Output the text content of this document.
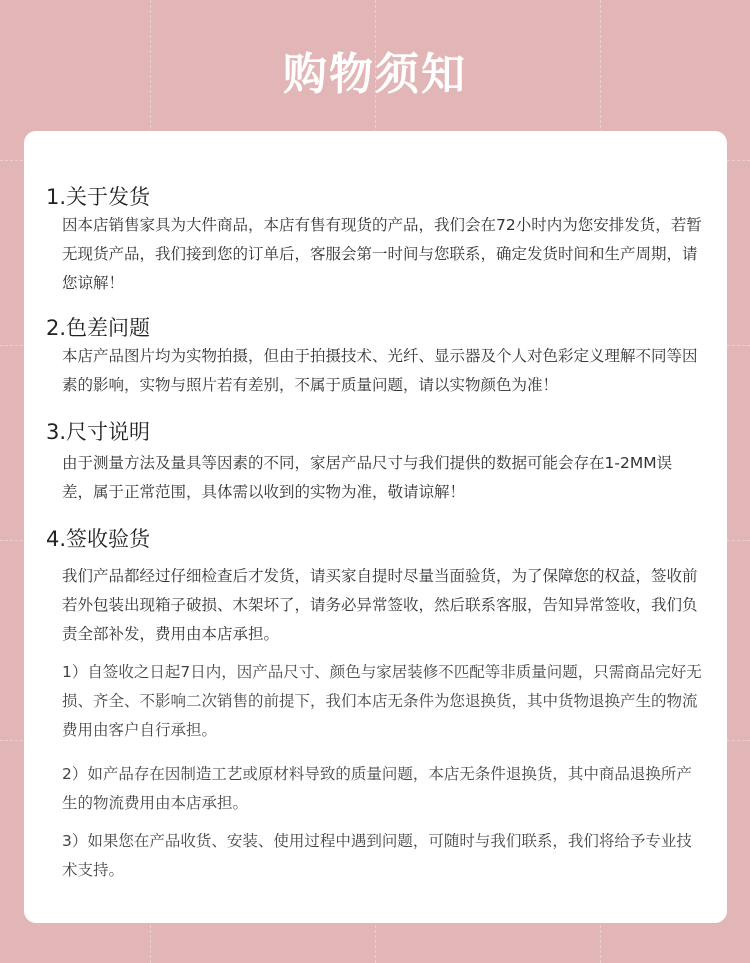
购物须知
1.关于发货
因本店销售家具为大件商品，本店有售有现货的产品，我们会在72小时内为您安排发货，若暂无现货产品，我们接到您的订单后，客服会第一时间与您联系，确定发货时间和生产周期，请您谅解！
2.色差问题
本店产品图片均为实物拍摄，但由于拍摄技术、光纤、显示器及个人对色彩定义理解不同等因素的影响，实物与照片若有差别，不属于质量问题，请以实物颜色为准！
3.尺寸说明
由于测量方法及量具等因素的不同，家居产品尺寸与我们提供的数据可能会存在1-2MM误差，属于正常范围，具体需以收到的实物为准，敬请谅解！
4.签收验货
我们产品都经过仔细检查后才发货，请买家自提时尽量当面验货，为了保障您的权益，签收前若外包装出现箱子破损、木架坏了，请务必异常签收，然后联系客服，告知异常签收，我们负责全部补发，费用由本店承担。
1）自签收之日起7日内，因产品尺寸、颜色与家居装修不匹配等非质量问题，只需商品完好无损、齐全、不影响二次销售的前提下，我们本店无条件为您退换货，其中货物退换产生的物流费用由客户自行承担。
2）如产品存在因制造工艺或原材料导致的质量问题，本店无条件退换货，其中商品退换所产生的物流费用由本店承担。
3）如果您在产品收货、安装、使用过程中遇到问题，可随时与我们联系，我们将给予专业技术支持。
